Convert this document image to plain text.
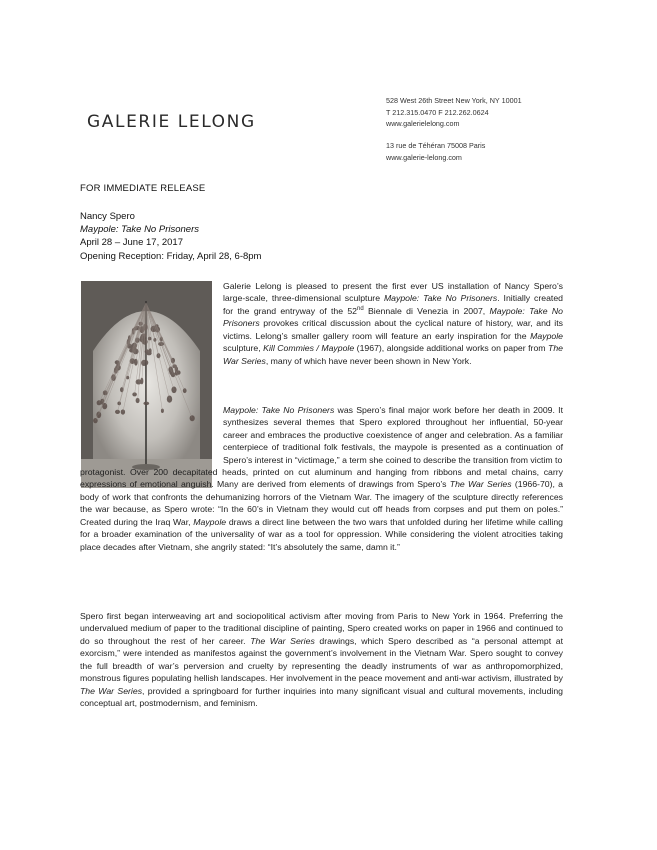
GALERIE LELONG
528 West 26th Street New York, NY 10001
T 212.315.0470 F 212.262.0624
www.galerielelong.com
13 rue de Téhéran 75008 Paris
www.galerie-lelong.com
FOR IMMEDIATE RELEASE
Nancy Spero
Maypole: Take No Prisoners
April 28 – June 17, 2017
Opening Reception: Friday, April 28, 6-8pm
Galerie Lelong is pleased to present the first ever US installation of Nancy Spero’s large-scale, three-dimensional sculpture Maypole: Take No Prisoners. Initially created for the grand entryway of the 52nd Biennale di Venezia in 2007, Maypole: Take No Prisoners provokes critical discussion about the cyclical nature of history, war, and its victims. Lelong’s smaller gallery room will feature an early inspiration for the Maypole sculpture, Kill Commies / Maypole (1967), alongside additional works on paper from The War Series, many of which have never been shown in New York.
Maypole: Take No Prisoners was Spero’s final major work before her death in 2009. It synthesizes several themes that Spero explored throughout her influential, 50-year career and embraces the productive coexistence of anger and celebration. As a familiar centerpiece of traditional folk festivals, the maypole is presented as a continuation of Spero’s interest in “victimage,” a term she coined to describe the transition from victim to
protagonist. Over 200 decapitated heads, printed on cut aluminum and hanging from ribbons and metal chains, carry expressions of emotional anguish. Many are derived from elements of drawings from Spero’s The War Series (1966-70), a body of work that confronts the dehumanizing horrors of the Vietnam War. The imagery of the sculpture directly references the war because, as Spero wrote: “In the 60’s in Vietnam they would cut off heads from corpses and put them on poles.” Created during the Iraq War, Maypole draws a direct line between the two wars that unfolded during her lifetime while calling for a broader examination of the universality of war as a tool for oppression. While considering the violent atrocities taking place decades after Vietnam, she angrily stated: “It’s absolutely the same, damn it.”
Spero first began interweaving art and sociopolitical activism after moving from Paris to New York in 1964. Preferring the undervalued medium of paper to the traditional discipline of painting, Spero created works on paper in 1966 and continued to do so throughout the rest of her career. The War Series drawings, which Spero described as “a personal attempt at exorcism,” were intended as manifestos against the government’s involvement in the Vietnam War. Spero sought to convey the full breadth of war’s perversion and cruelty by representing the deadly instruments of war as anthropomorphized, monstrous figures populating hellish landscapes. Her involvement in the peace movement and anti-war activism, illustrated by The War Series, provided a springboard for further inquiries into many significant visual and cultural movements, including conceptual art, postmodernism, and feminism.
